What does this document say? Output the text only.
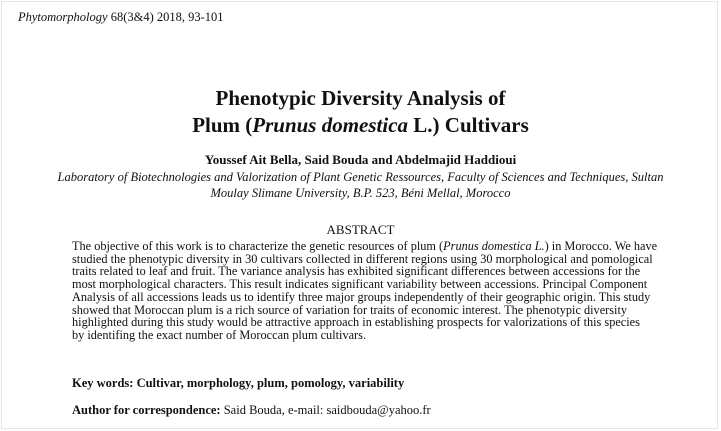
Phytomorphology 68(3&4) 2018, 93-101
Phenotypic Diversity Analysis of
Plum (Prunus domestica L.) Cultivars
Youssef Ait Bella, Said Bouda and Abdelmajid Haddioui
Laboratory of Biotechnologies and Valorization of Plant Genetic Ressources, Faculty of Sciences and Techniques, Sultan
Moulay Slimane University, B.P. 523, Béni Mellal, Morocco
ABSTRACT
The objective of this work is to characterize the genetic resources of plum (Prunus domestica L.) in Morocco. We have
studied the phenotypic diversity in 30 cultivars collected in different regions using 30 morphological and pomological
traits related to leaf and fruit. The variance analysis has exhibited significant differences between accessions for the
most morphological characters. This result indicates significant variability between accessions. Principal Component
Analysis of all accessions leads us to identify three major groups independently of their geographic origin. This study
showed that Moroccan plum is a rich source of variation for traits of economic interest. The phenotypic diversity
highlighted during this study would be attractive approach in establishing prospects for valorizations of this species
by identifing the exact number of Moroccan plum cultivars.
Key words: Cultivar, morphology, plum, pomology, variability
Author for correspondence: Said Bouda, e-mail: saidbouda@yahoo.fr
